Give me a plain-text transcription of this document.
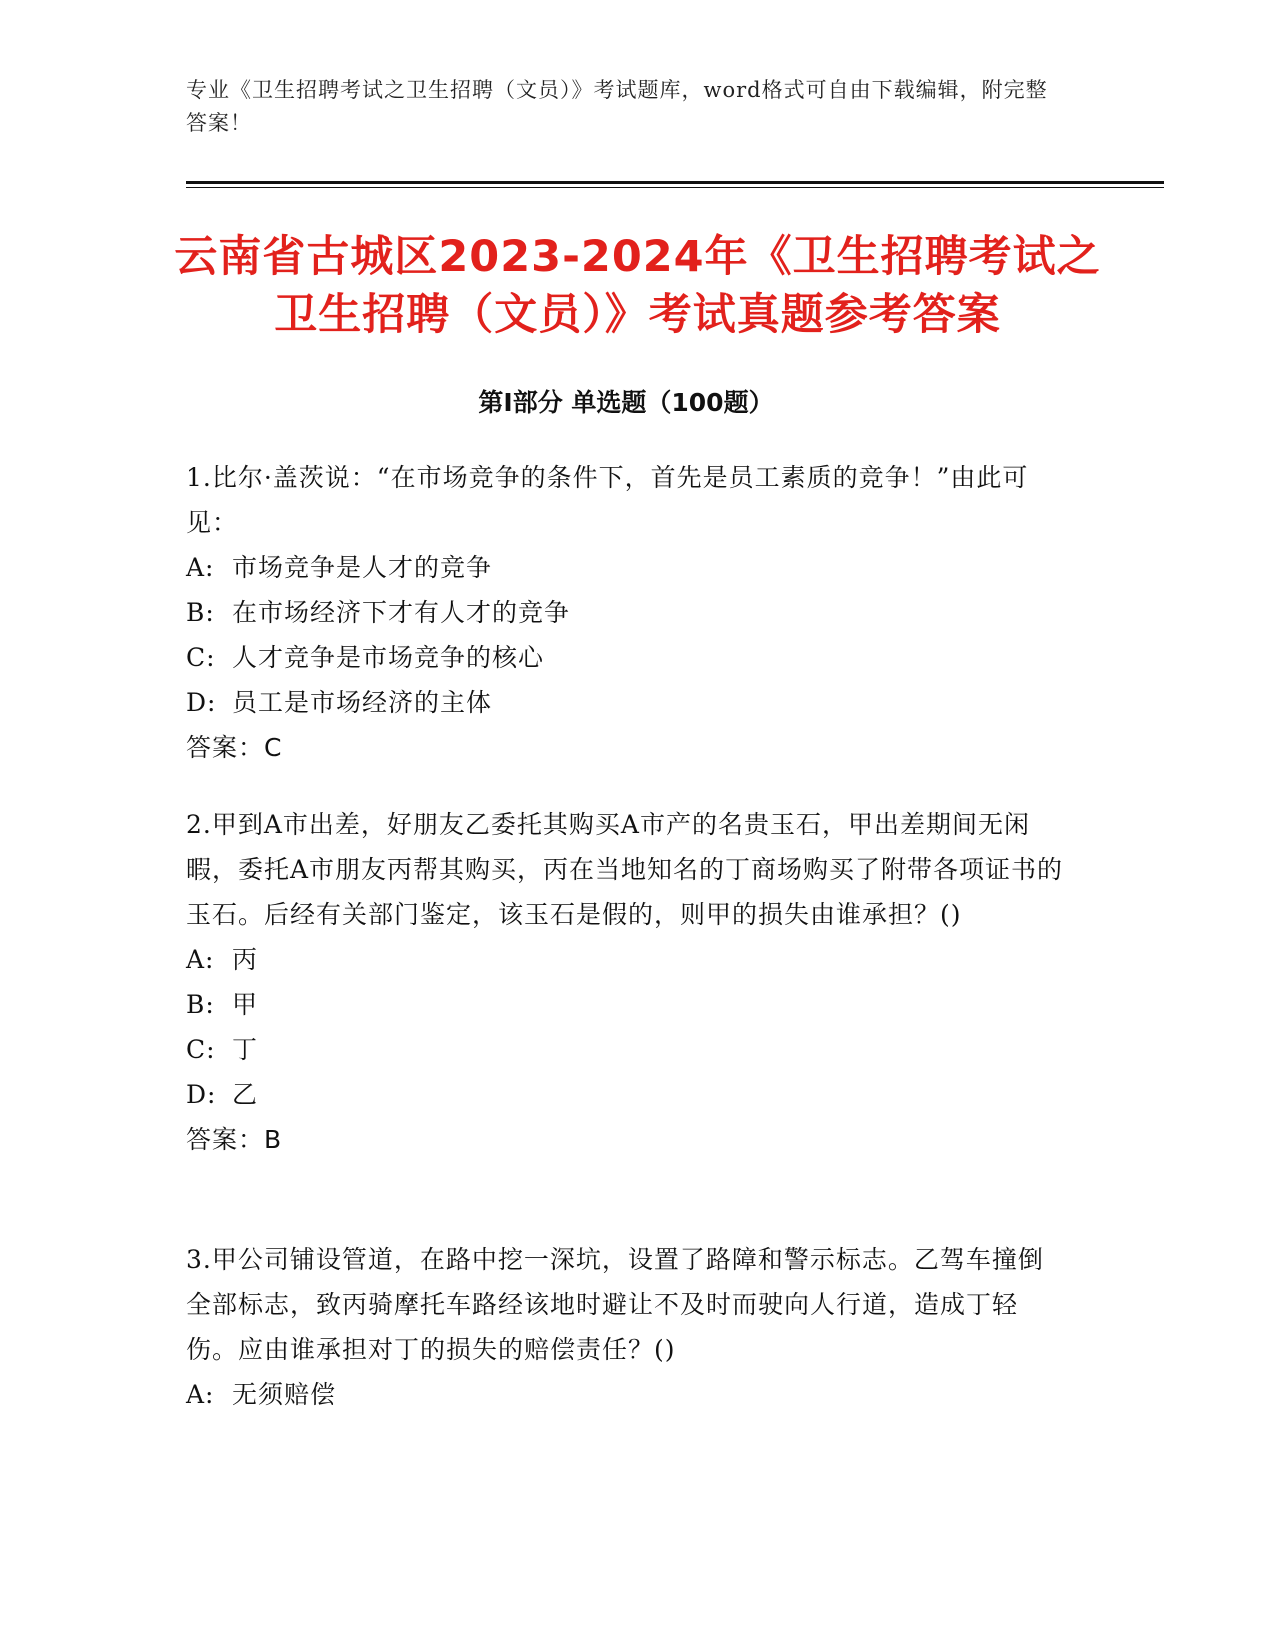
专业《卫生招聘考试之卫生招聘（文员）》考试题库，word格式可自由下载编辑，附完整答案！
云南省古城区2023-2024年《卫生招聘考试之卫生招聘（文员）》考试真题参考答案
第Ⅰ部分 单选题（100题）

1.比尔·盖茨说：“在市场竞争的条件下，首先是员工素质的竞争！”由此可见：

A: 市场竞争是人才的竞争

B: 在市场经济下才有人才的竞争

C: 人才竞争是市场竞争的核心

D: 员工是市场经济的主体

答案：C

2.甲到A市出差，好朋友乙委托其购买A市产的名贵玉石，甲出差期间无闲暇，委托A市朋友丙帮其购买，丙在当地知名的丁商场购买了附带各项证书的玉石。后经有关部门鉴定，该玉石是假的，则甲的损失由谁承担？()

A: 丙

B: 甲

C: 丁

D: 乙

答案：B

3.甲公司铺设管道，在路中挖一深坑，设置了路障和警示标志。乙驾车撞倒全部标志，致丙骑摩托车路经该地时避让不及时而驶向人行道，造成丁轻伤。应由谁承担对丁的损失的赔偿责任？()

A: 无须赔偿
